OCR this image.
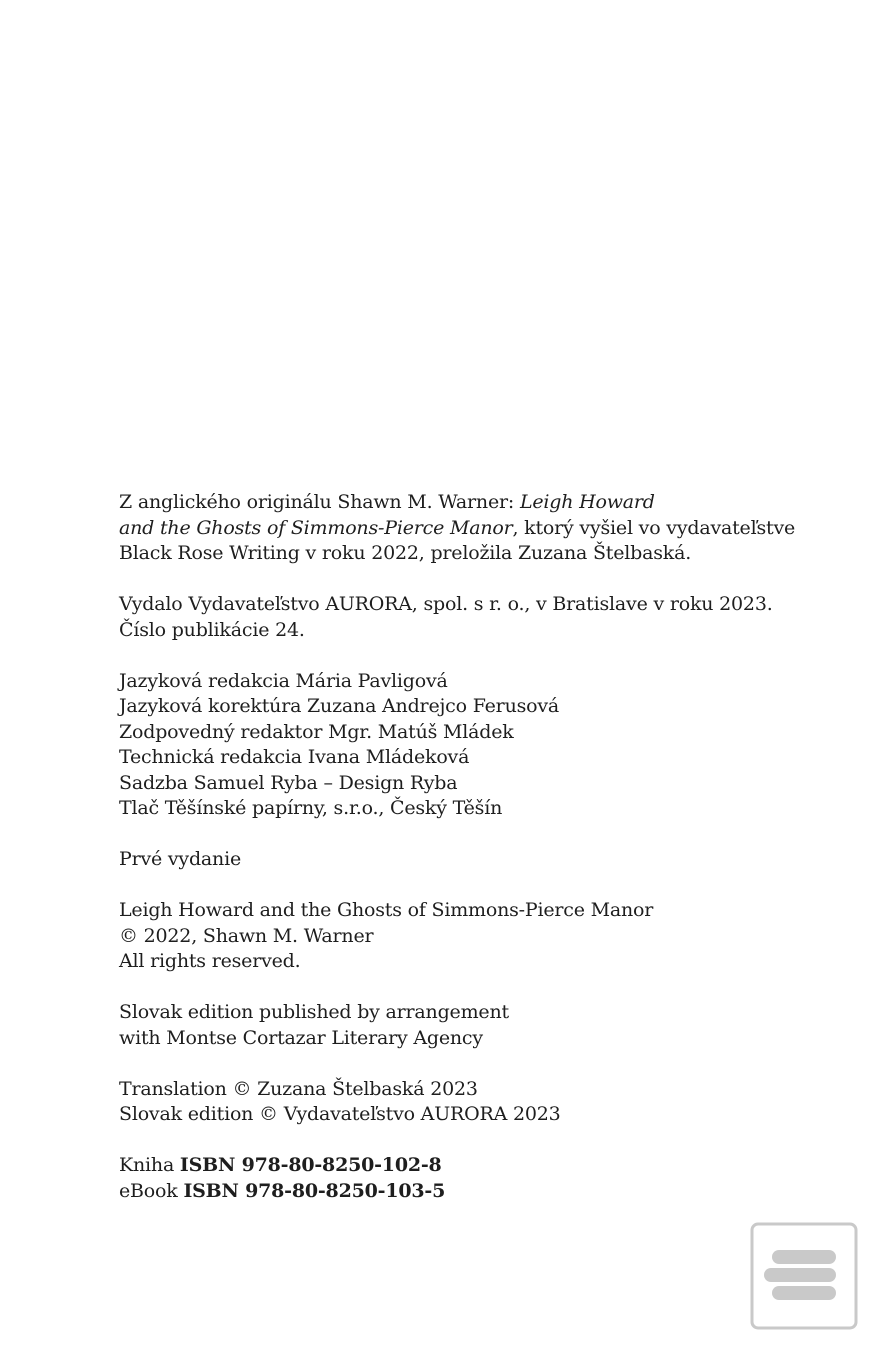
Z anglického originálu Shawn M. Warner: Leigh Howard
and the Ghosts of Simmons-Pierce Manor, ktorý vyšiel vo vydavateľstve
Black Rose Writing v roku 2022, preložila Zuzana Štelbaská.
Vydalo Vydavateľstvo AURORA, spol. s r. o., v Bratislave v roku 2023.
Číslo publikácie 24.
Jazyková redakcia Mária Pavligová
Jazyková korektúra Zuzana Andrejco Ferusová
Zodpovedný redaktor Mgr. Matúš Mládek
Technická redakcia Ivana Mládeková
Sadzba Samuel Ryba – Design Ryba
Tlač Těšínské papírny, s.r.o., Český Těšín
Prvé vydanie
Leigh Howard and the Ghosts of Simmons-Pierce Manor
© 2022, Shawn M. Warner
All rights reserved.
Slovak edition published by arrangement
with Montse Cortazar Literary Agency
Translation © Zuzana Štelbaská 2023
Slovak edition © Vydavateľstvo AURORA 2023
Kniha ISBN 978-80-8250-102-8
eBook ISBN 978-80-8250-103-5
